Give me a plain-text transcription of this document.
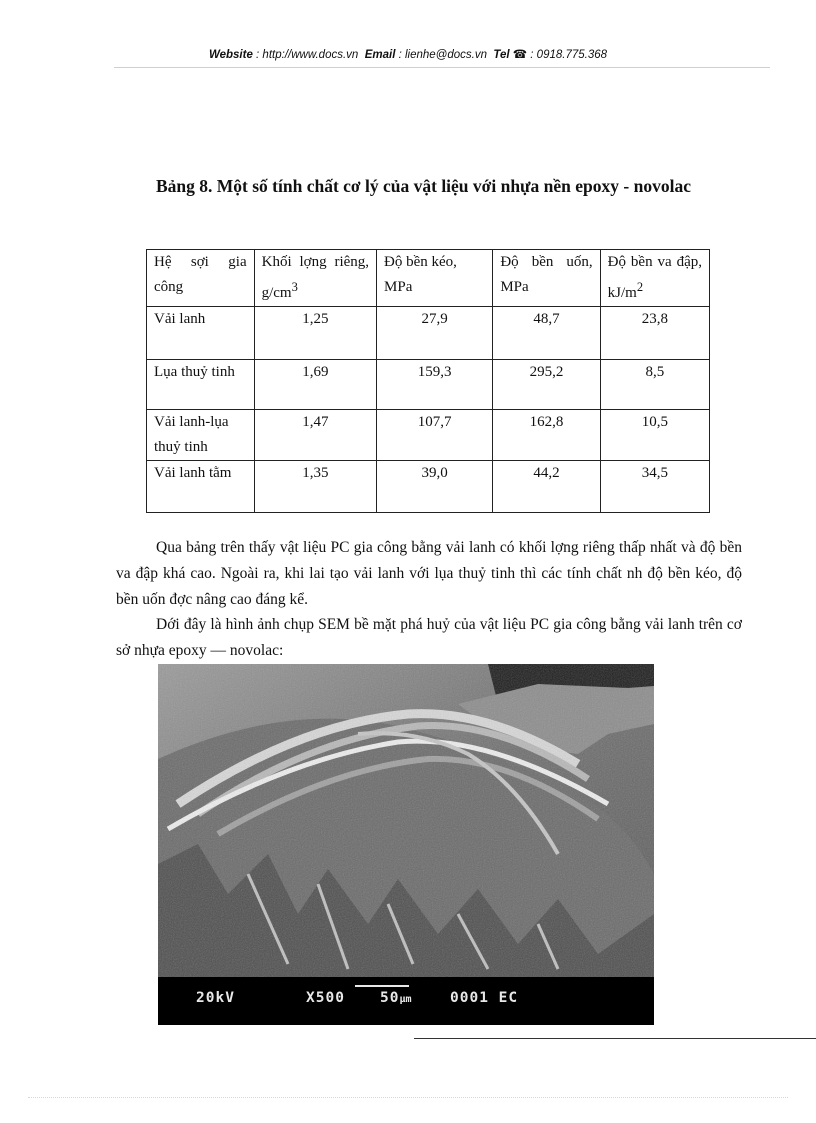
Website : http://www.docs.vn Email : lienhe@docs.vn Tel ☎ : 0918.775.368
Bảng 8. Một số tính chất cơ lý của vật liệu với nhựa nền epoxy - novolac
Hệ sợi gia công	Khối lợng riêng, $g/cm^3$	Độ bền kéo, MPa	Độ bền uốn, MPa	Độ bền va đập, $kJ/m^2$
Vải lanh	1,25	27,9	48,7	23,8
Lụa thuỷ tinh	1,69	159,3	295,2	8,5
Vải lanh-lụa thuỷ tinh	1,47	107,7	162,8	10,5
Vải lanh tằm	1,35	39,0	44,2	34,5

Qua bảng trên thấy vật liệu PC gia công bằng vải lanh có khối lợng riêng thấp nhất và độ bền va đập khá cao. Ngoài ra, khi lai tạo vải lanh với lụa thuỷ tinh thì các tính chất nh độ bền kéo, độ bền uốn đợc nâng cao đáng kể.

Dới đây là hình ảnh chụp SEM bề mặt phá huỷ của vật liệu PC gia công bằng vải lanh trên cơ sở nhựa epoxy — novolac:

20kV	X500 50μm	0001 EC
